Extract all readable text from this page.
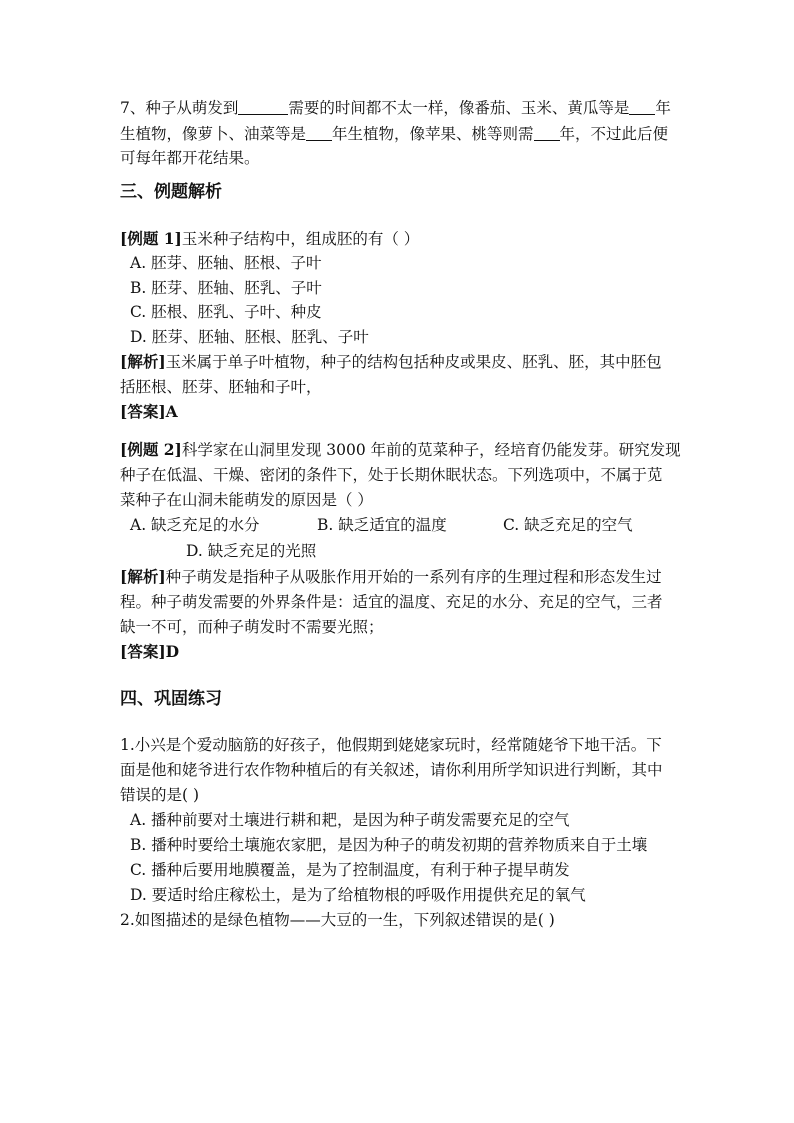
7、种子从萌发到	需要的时间都不太一样，像番茄、玉米、黄瓜等是 年
生植物，像萝卜、油菜等是 年生植物，像苹果、桃等则需 年，不过此后便
可每年都开花结果。
三、例题解析
[例题 1]玉米种子结构中，组成胚的有（ ）
A. 胚芽、胚轴、胚根、子叶
B. 胚芽、胚轴、胚乳、子叶
C. 胚根、胚乳、子叶、种皮
D. 胚芽、胚轴、胚根、胚乳、子叶
[解析]玉米属于单子叶植物，种子的结构包括种皮或果皮、胚乳、胚，其中胚包
括胚根、胚芽、胚轴和子叶，
[答案]A
[例题 2]科学家在山洞里发现 3000 年前的苋菜种子，经培育仍能发芽。研究发现
种子在低温、干燥、密闭的条件下，处于长期休眠状态。下列选项中，不属于苋
菜种子在山洞未能萌发的原因是（ ）
A. 缺乏充足的水分	B. 缺乏适宜的温度	C. 缺乏充足的空气
D. 缺乏充足的光照
[解析]种子萌发是指种子从吸胀作用开始的一系列有序的生理过程和形态发生过
程。种子萌发需要的外界条件是：适宜的温度、充足的水分、充足的空气，三者
缺一不可，而种子萌发时不需要光照；
[答案]D
四、巩固练习
1.小兴是个爱动脑筋的好孩子，他假期到姥姥家玩时，经常随姥爷下地干活。下
面是他和姥爷进行农作物种植后的有关叙述，请你利用所学知识进行判断，其中
错误的是( )
A. 播种前要对土壤进行耕和耙，是因为种子萌发需要充足的空气
B. 播种时要给土壤施农家肥，是因为种子的萌发初期的营养物质来自于土壤
C. 播种后要用地膜覆盖，是为了控制温度，有利于种子提早萌发
D. 要适时给庄稼松土，是为了给植物根的呼吸作用提供充足的氧气
2.如图描述的是绿色植物——大豆的一生，下列叙述错误的是( )
